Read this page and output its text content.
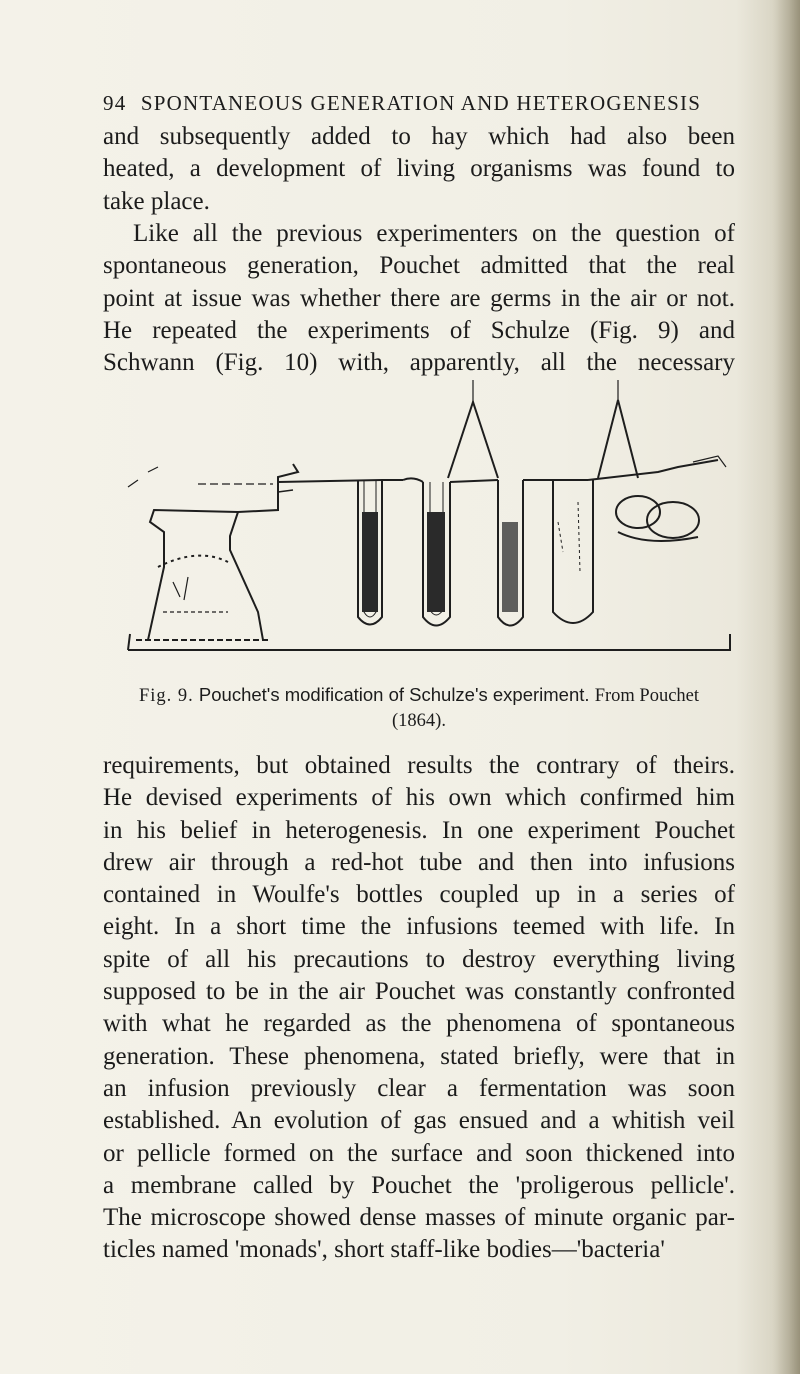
94 SPONTANEOUS GENERATION AND HETEROGENESIS
and subsequently added to hay which had also been
heated, a development of living organisms was found to
take place.
Like all the previous experimenters on the question of
spontaneous generation, Pouchet admitted that the real
point at issue was whether there are germs in the air or not.
He repeated the experiments of Schulze (Fig. 9) and
Schwann (Fig. 10) with, apparently, all the necessary
Fig. 9. Pouchet's modification of Schulze's experiment. From Pouchet
(1864).
requirements, but obtained results the contrary of theirs.
He devised experiments of his own which confirmed him
in his belief in heterogenesis. In one experiment Pouchet
drew air through a red-hot tube and then into infusions
contained in Woulfe's bottles coupled up in a series of
eight. In a short time the infusions teemed with life. In
spite of all his precautions to destroy everything living
supposed to be in the air Pouchet was constantly confronted
with what he regarded as the phenomena of spontaneous
generation. These phenomena, stated briefly, were that in
an infusion previously clear a fermentation was soon
established. An evolution of gas ensued and a whitish veil
or pellicle formed on the surface and soon thickened into
a membrane called by Pouchet the 'proligerous pellicle'.
The microscope showed dense masses of minute organic par-
ticles named 'monads', short staff-like bodies—'bacteria'
